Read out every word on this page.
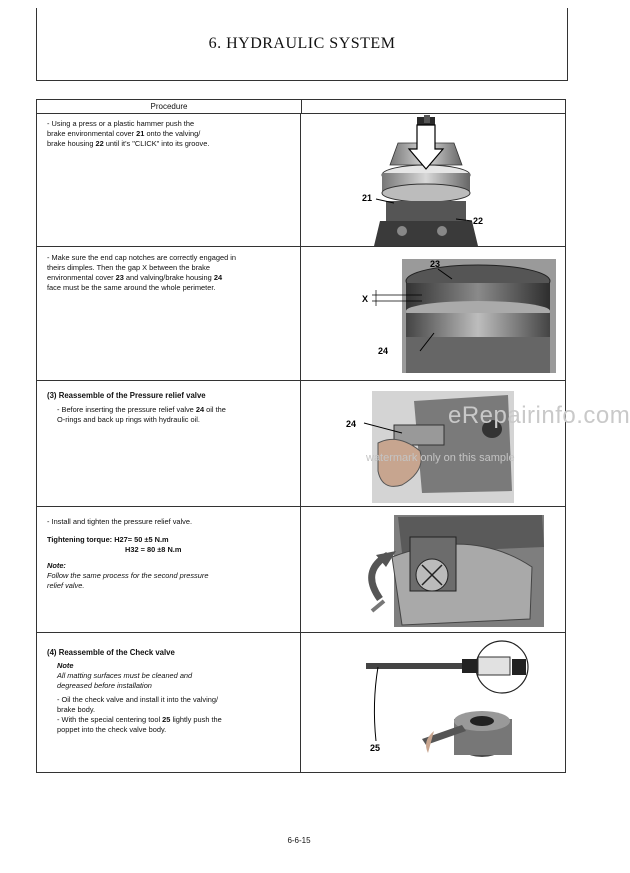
6. HYDRAULIC SYSTEM
Procedure
- Using a press or a plastic hammer push the
brake environmental cover 21 onto the valving/
brake housing 22 until it's "CLICK" into its groove.
21
22
- Make sure the end cap notches are correctly engaged in
theirs dimples. Then the gap X between the brake
environmental cover 23 and valving/brake housing 24
face must be the same around the whole perimeter.
23
X
24
(3) Reassemble of the Pressure relief valve
- Before inserting the pressure relief valve 24 oil the
O-rings and back up rings with hydraulic oil.	24
- Install and tighten the pressure relief valve.
Tightening torque: H27= 50 ±5 N.m
H32 = 80 ±8 N.m
Note:
Follow the same process for the second pressure
relief valve.
(4) Reassemble of the Check valve
Note
All matting surfaces must be cleaned and
degreased before installation
- Oil the check valve and install it into the valving/
brake body.
- With the special centering tool 25 lightly push the
poppet into the check valve body.
25
eRepairinfo.com
watermark only on this sample
6-6-15
